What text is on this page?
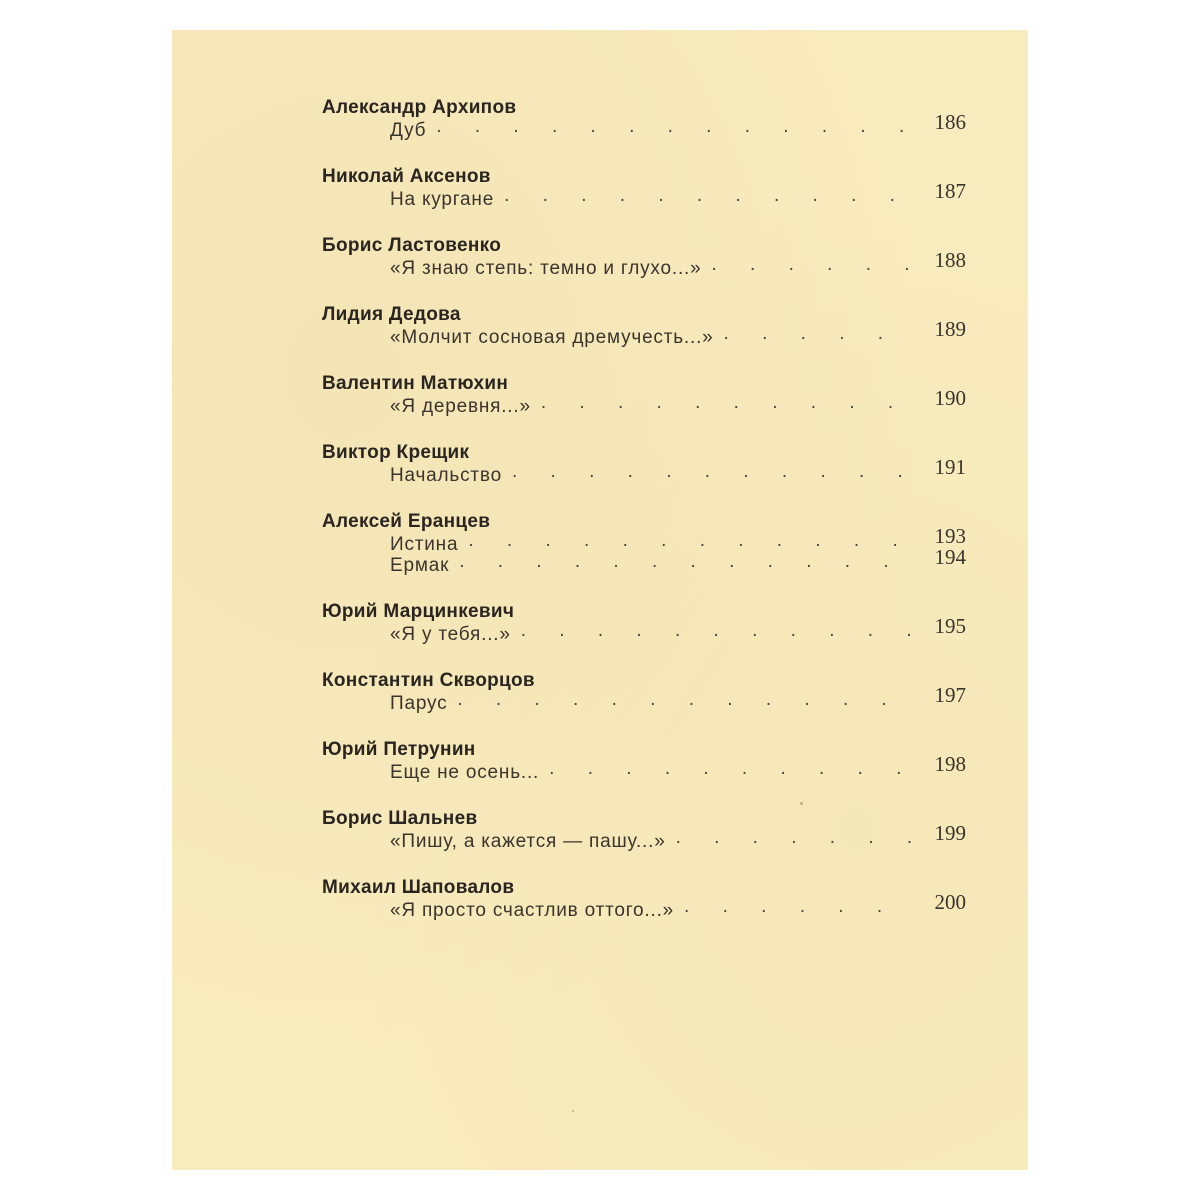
Александр Архипов
Дуб . . .	186
Николай Аксенов
На кургане . . .	187
Борис Ластовенко
«Я знаю степь: темно и глухо...» . . .	188
Лидия Дедова
«Молчит сосновая дремучесть...» . . .	189
Валентин Матюхин
«Я деревня...» . . .	190
Виктор Крещик
Начальство . . .	191
Алексей Еранцев
Истина . . .	193
Ермак . . .	194
Юрий Марцинкевич
«Я у тебя...» . . .	195
Константин Скворцов
Парус . . .	197
Юрий Петрунин
Еще не осень... . . .	198
Борис Шальнев
«Пишу, а кажется — пашу...» . . .	199
Михаил Шаповалов
«Я просто счастлив оттого...» . . .	200
